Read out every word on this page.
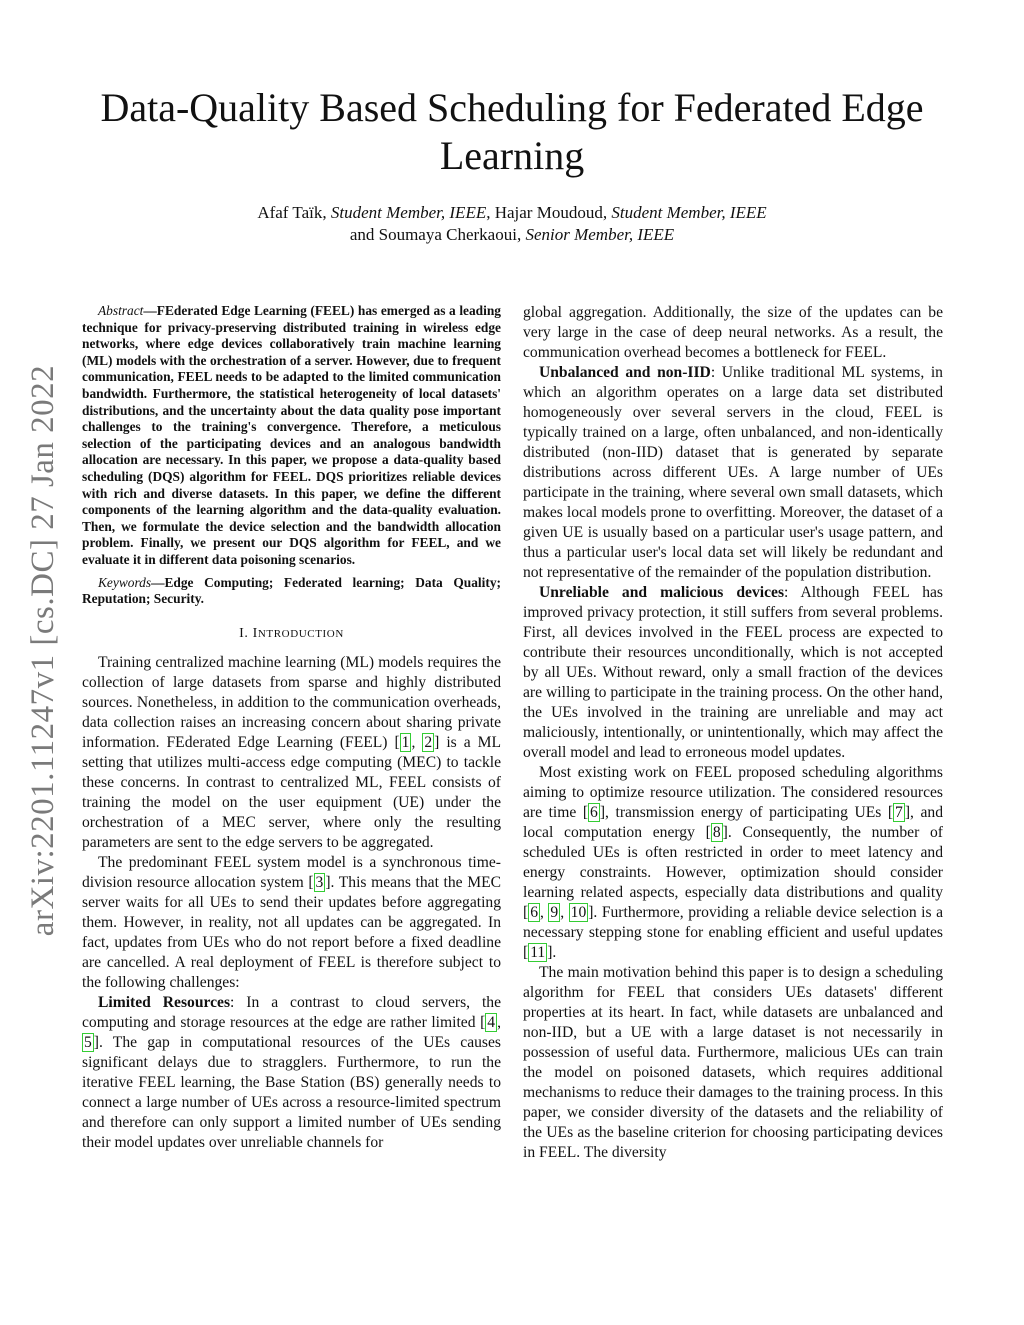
arXiv:2201.11247v1 [cs.DC] 27 Jan 2022
Data-Quality Based Scheduling for Federated Edge Learning
Afaf Taïk, Student Member, IEEE, Hajar Moudoud, Student Member, IEEE
and Soumaya Cherkaoui, Senior Member, IEEE

Abstract—FEderated Edge Learning (FEEL) has emerged as a leading technique for privacy-preserving distributed training in wireless edge networks, where edge devices collaboratively train machine learning (ML) models with the orchestration of a server. However, due to frequent communication, FEEL needs to be adapted to the limited communication bandwidth. Furthermore, the statistical heterogeneity of local datasets' distributions, and the uncertainty about the data quality pose important challenges to the training's convergence. Therefore, a meticulous selection of the participating devices and an analogous bandwidth allocation are necessary. In this paper, we propose a data-quality based scheduling (DQS) algorithm for FEEL. DQS prioritizes reliable devices with rich and diverse datasets. In this paper, we define the different components of the learning algorithm and the data-quality evaluation. Then, we formulate the device selection and the bandwidth allocation problem. Finally, we present our DQS algorithm for FEEL, and we evaluate it in different data poisoning scenarios.

Keywords—Edge Computing; Federated learning; Data Quality; Reputation; Security.

I. INTRODUCTION

Training centralized machine learning (ML) models requires the collection of large datasets from sparse and highly distributed sources. Nonetheless, in addition to the communication overheads, data collection raises an increasing concern about sharing private information. FEderated Edge Learning (FEEL) [ 1 , 2 ] is a ML setting that utilizes multi-access edge computing (MEC) to tackle these concerns. In contrast to centralized ML, FEEL consists of training the model on the user equipment (UE) under the orchestration of a MEC server, where only the resulting parameters are sent to the edge servers to be aggregated.

The predominant FEEL system model is a synchronous time-division resource allocation system [ 3 ]. This means that the MEC server waits for all UEs to send their updates before aggregating them. However, in reality, not all updates can be aggregated. In fact, updates from UEs who do not report before a fixed deadline are cancelled. A real deployment of FEEL is therefore subject to the following challenges:

Limited Resources: In a contrast to cloud servers, the computing and storage resources at the edge are rather limited [ 4 , 5 ]. The gap in computational resources of the UEs causes significant delays due to stragglers. Furthermore, to run the iterative FEEL learning, the Base Station (BS) generally needs to connect a large number of UEs across a resource-limited spectrum and therefore can only support a limited number of UEs sending their model updates over unreliable channels for

global aggregation. Additionally, the size of the updates can be very large in the case of deep neural networks. As a result, the communication overhead becomes a bottleneck for FEEL.

Unbalanced and non-IID: Unlike traditional ML systems, in which an algorithm operates on a large data set distributed homogeneously over several servers in the cloud, FEEL is typically trained on a large, often unbalanced, and non-identically distributed (non-IID) dataset that is generated by separate distributions across different UEs. A large number of UEs participate in the training, where several own small datasets, which makes local models prone to overfitting. Moreover, the dataset of a given UE is usually based on a particular user's usage pattern, and thus a particular user's local data set will likely be redundant and not representative of the remainder of the population distribution.

Unreliable and malicious devices: Although FEEL has improved privacy protection, it still suffers from several problems. First, all devices involved in the FEEL process are expected to contribute their resources unconditionally, which is not accepted by all UEs. Without reward, only a small fraction of the devices are willing to participate in the training process. On the other hand, the UEs involved in the training are unreliable and may act maliciously, intentionally, or unintentionally, which may affect the overall model and lead to erroneous model updates.

Most existing work on FEEL proposed scheduling algorithms aiming to optimize resource utilization. The considered resources are time [ 6 ], transmission energy of participating UEs [ 7 ], and local computation energy [ 8 ]. Consequently, the number of scheduled UEs is often restricted in order to meet latency and energy constraints. However, optimization should consider learning related aspects, especially data distributions and quality [ 6 , 9 , 10 ]. Furthermore, providing a reliable device selection is a necessary stepping stone for enabling efficient and useful updates [ 11 ].

The main motivation behind this paper is to design a scheduling algorithm for FEEL that considers UEs datasets' different properties at its heart. In fact, while datasets are unbalanced and non-IID, but a UE with a large dataset is not necessarily in possession of useful data. Furthermore, malicious UEs can train the model on poisoned datasets, which requires additional mechanisms to reduce their damages to the training process. In this paper, we consider diversity of the datasets and the reliability of the UEs as the baseline criterion for choosing participating devices in FEEL. The diversity
